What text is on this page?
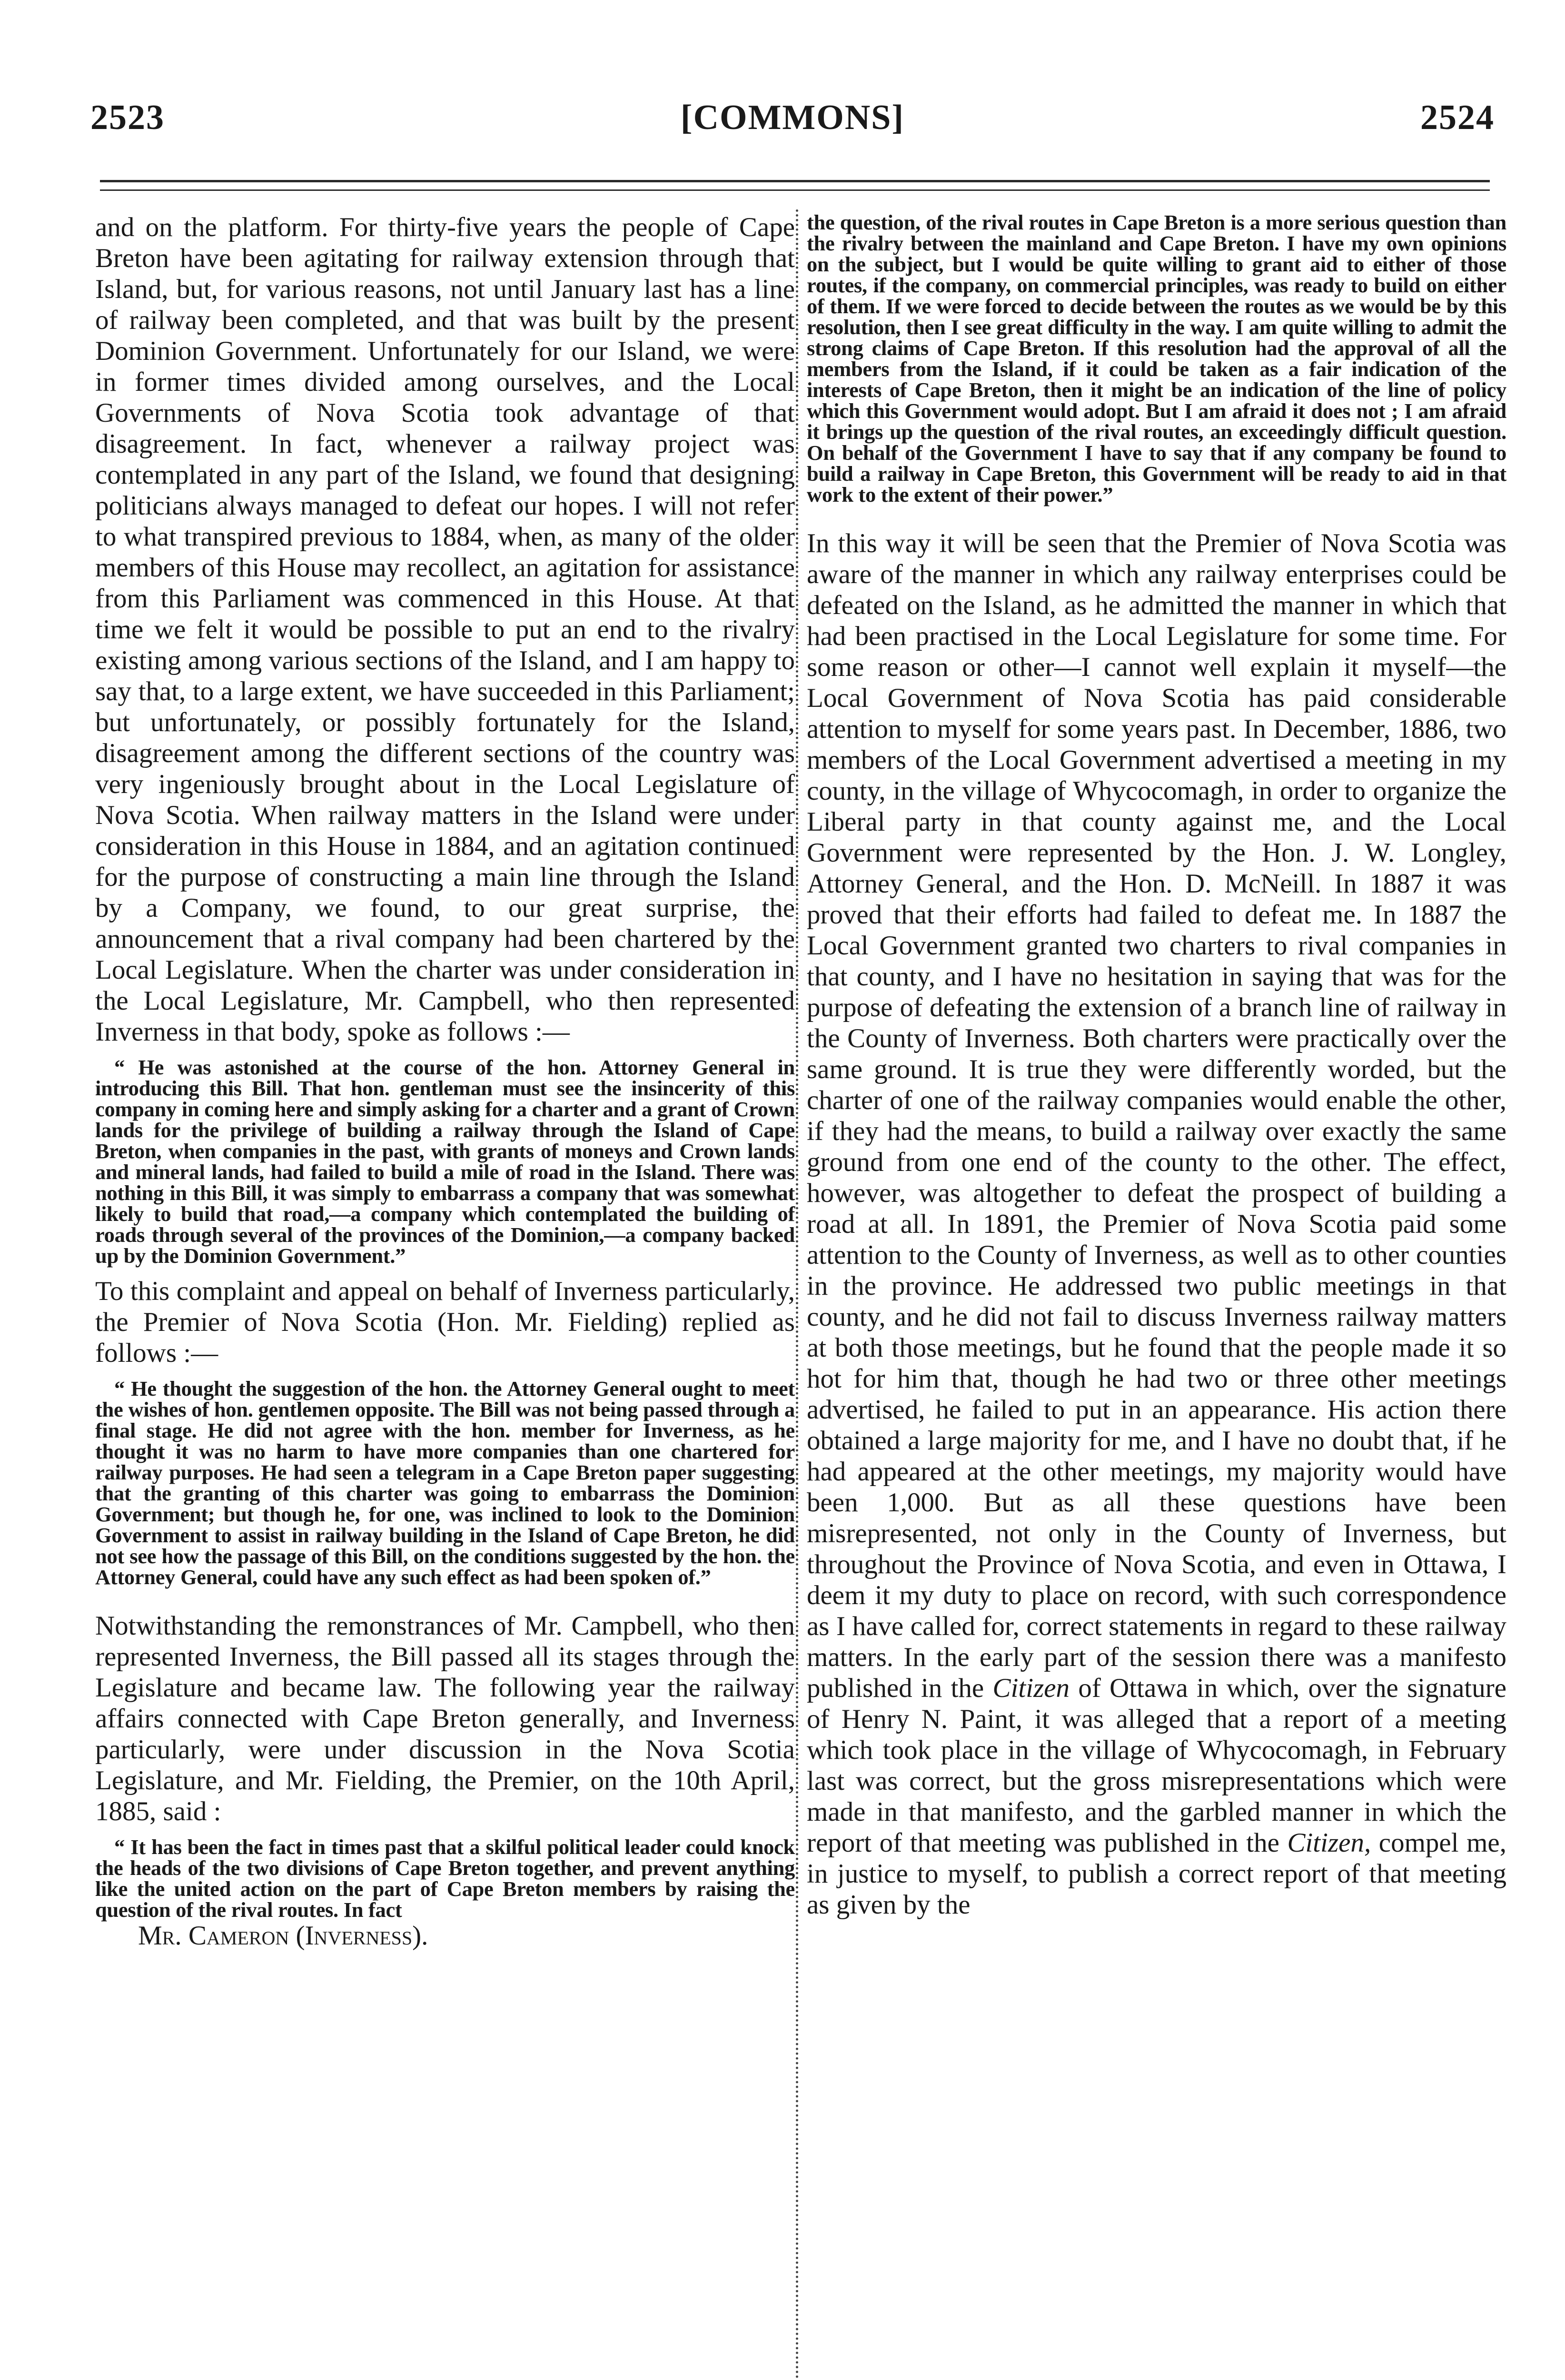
2523	[COMMONS]	2524

and on the platform. For thirty-five years the people of Cape Breton have been agitating for railway extension through that Island, but, for various reasons, not until January last has a line of railway been completed, and that was built by the present Dominion Government. Unfortunately for our Island, we were in former times divided among ourselves, and the Local Governments of Nova Scotia took advantage of that disagreement. In fact, whenever a railway project was contemplated in any part of the Island, we found that designing politicians always managed to defeat our hopes. I will not refer to what transpired previous to 1884, when, as many of the older members of this House may recollect, an agitation for assistance from this Parliament was commenced in this House. At that time we felt it would be possible to put an end to the rivalry existing among various sections of the Island, and I am happy to say that, to a large extent, we have succeeded in this Parliament; but unfortunately, or possibly fortunately for the Island, disagreement among the different sections of the country was very ingeniously brought about in the Local Legislature of Nova Scotia. When railway matters in the Island were under consideration in this House in 1884, and an agitation continued for the purpose of constructing a main line through the Island by a Company, we found, to our great surprise, the announcement that a rival company had been chartered by the Local Legislature. When the charter was under consideration in the Local Legislature, Mr. Campbell, who then represented Inverness in that body, spoke as follows :—

“ He was astonished at the course of the hon. Attorney General in introducing this Bill. That hon. gentleman must see the insincerity of this company in coming here and simply asking for a charter and a grant of Crown lands for the privilege of building a railway through the Island of Cape Breton, when companies in the past, with grants of moneys and Crown lands and mineral lands, had failed to build a mile of road in the Island. There was nothing in this Bill, it was simply to embarrass a company that was somewhat likely to build that road,—a company which contemplated the building of roads through several of the provinces of the Dominion,—a company backed up by the Dominion Government.”

To this complaint and appeal on behalf of Inverness particularly, the Premier of Nova Scotia (Hon. Mr. Fielding) replied as follows :—

“ He thought the suggestion of the hon. the Attorney General ought to meet the wishes of hon. gentlemen opposite. The Bill was not being passed through a final stage. He did not agree with the hon. member for Inverness, as he thought it was no harm to have more companies than one chartered for railway purposes. He had seen a telegram in a Cape Breton paper suggesting that the granting of this charter was going to embarrass the Dominion Government; but though he, for one, was inclined to look to the Dominion Government to assist in railway building in the Island of Cape Breton, he did not see how the passage of this Bill, on the conditions suggested by the hon. the Attorney General, could have any such effect as had been spoken of.”

Notwithstanding the remonstrances of Mr. Campbell, who then represented Inverness, the Bill passed all its stages through the Legislature and became law. The following year the railway affairs connected with Cape Breton generally, and Inverness particularly, were under discussion in the Nova Scotia Legislature, and Mr. Fielding, the Premier, on the 10th April, 1885, said :

“ It has been the fact in times past that a skilful political leader could knock the heads of the two divisions of Cape Breton together, and prevent anything like the united action on the part of Cape Breton members by raising the question of the rival routes. In fact

Mr. Cameron (Inverness).

the question, of the rival routes in Cape Breton is a more serious question than the rivalry between the mainland and Cape Breton. I have my own opinions on the subject, but I would be quite willing to grant aid to either of those routes, if the company, on commercial principles, was ready to build on either of them. If we were forced to decide between the routes as we would be by this resolution, then I see great difficulty in the way. I am quite willing to admit the strong claims of Cape Breton. If this resolution had the approval of all the members from the Island, if it could be taken as a fair indication of the interests of Cape Breton, then it might be an indication of the line of policy which this Government would adopt. But I am afraid it does not ; I am afraid it brings up the question of the rival routes, an exceedingly difficult question. On behalf of the Government I have to say that if any company be found to build a railway in Cape Breton, this Government will be ready to aid in that work to the extent of their power.”

In this way it will be seen that the Premier of Nova Scotia was aware of the manner in which any railway enterprises could be defeated on the Island, as he admitted the manner in which that had been practised in the Local Legislature for some time. For some reason or other—I cannot well explain it myself—the Local Government of Nova Scotia has paid considerable attention to myself for some years past. In December, 1886, two members of the Local Government advertised a meeting in my county, in the village of Whycocomagh, in order to organize the Liberal party in that county against me, and the Local Government were represented by the Hon. J. W. Longley, Attorney General, and the Hon. D. McNeill. In 1887 it was proved that their efforts had failed to defeat me. In 1887 the Local Government granted two charters to rival companies in that county, and I have no hesitation in saying that was for the purpose of defeating the extension of a branch line of railway in the County of Inverness. Both charters were practically over the same ground. It is true they were differently worded, but the charter of one of the railway companies would enable the other, if they had the means, to build a railway over exactly the same ground from one end of the county to the other. The effect, however, was altogether to defeat the prospect of building a road at all. In 1891, the Premier of Nova Scotia paid some attention to the County of Inverness, as well as to other counties in the province. He addressed two public meetings in that county, and he did not fail to discuss Inverness railway matters at both those meetings, but he found that the people made it so hot for him that, though he had two or three other meetings advertised, he failed to put in an appearance. His action there obtained a large majority for me, and I have no doubt that, if he had appeared at the other meetings, my majority would have been 1,000. But as all these questions have been misrepresented, not only in the County of Inverness, but throughout the Province of Nova Scotia, and even in Ottawa, I deem it my duty to place on record, with such correspondence as I have called for, correct statements in regard to these railway matters. In the early part of the session there was a manifesto published in the Citizen of Ottawa in which, over the signature of Henry N. Paint, it was alleged that a report of a meeting which took place in the village of Whycocomagh, in February last was correct, but the gross misrepresentations which were made in that manifesto, and the garbled manner in which the report of that meeting was published in the Citizen, compel me, in justice to myself, to publish a correct report of that meeting as given by the
